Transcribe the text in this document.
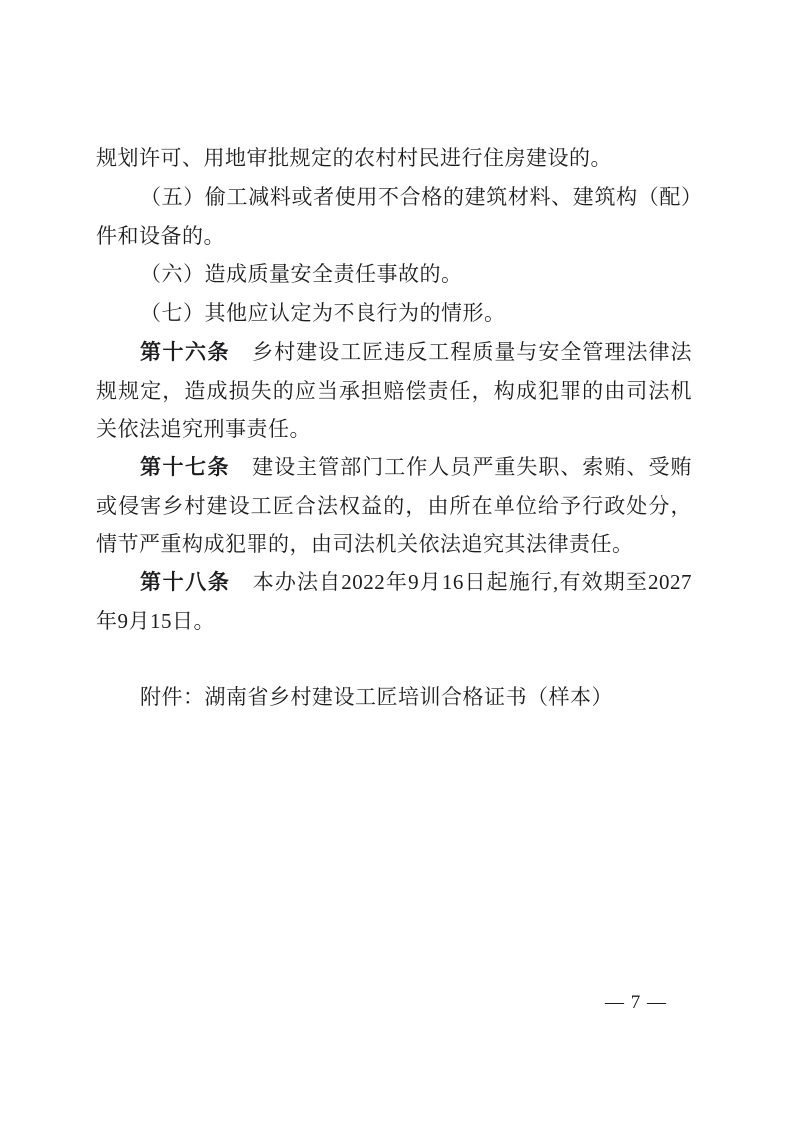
规划许可、用地审批规定的农村村民进行住房建设的。

（五）偷工减料或者使用不合格的建筑材料、建筑构（配）件和设备的。

（六）造成质量安全责任事故的。

（七）其他应认定为不良行为的情形。

第十六条　乡村建设工匠违反工程质量与安全管理法律法规规定，造成损失的应当承担赔偿责任，构成犯罪的由司法机关依法追究刑事责任。

第十七条　建设主管部门工作人员严重失职、索贿、受贿或侵害乡村建设工匠合法权益的，由所在单位给予行政处分，情节严重构成犯罪的，由司法机关依法追究其法律责任。

第十八条　本办法自2022年9月16日起施行,有效期至2027年9月15日。

附件：湖南省乡村建设工匠培训合格证书（样本）

— 7 —
